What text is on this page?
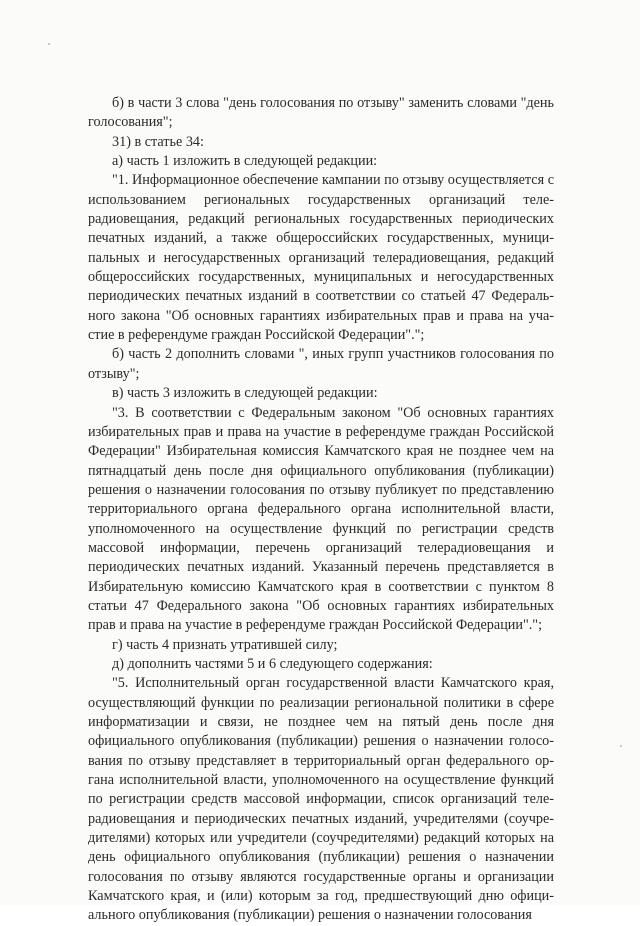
б) в части 3 слова "день голосования по отзыву" заменить словами "день голосования";

31) в статье 34:

а) часть 1 изложить в следующей редакции:

"1. Информационное обеспечение кампании по отзыву осуществляется с использованием региональных государственных организаций телерадиовещания, редакций региональных государственных периодических печатных изданий, а также общероссийских государственных, муниципальных и негосударственных организаций телерадиовещания, редакций общероссийских государственных, муниципальных и негосударственных периодических печатных изданий в соответствии со статьей 47 Федерального закона "Об основных гарантиях избирательных прав и права на участие в референдуме граждан Российской Федерации".";

б) часть 2 дополнить словами ", иных групп участников голосования по отзыву";

в) часть 3 изложить в следующей редакции:

"3. В соответствии с Федеральным законом "Об основных гарантиях избирательных прав и права на участие в референдуме граждан Российской Федерации" Избирательная комиссия Камчатского края не позднее чем на пятнадцатый день после дня официального опубликования (публикации) решения о назначении голосования по отзыву публикует по представлению территориального органа федерального органа исполнительной власти, уполномоченного на осуществление функций по регистрации средств массовой информации, перечень организаций телерадиовещания и периодических печатных изданий. Указанный перечень представляется в Избирательную комиссию Камчатского края в соответствии с пунктом 8 статьи 47 Федерального закона "Об основных гарантиях избирательных прав и права на участие в референдуме граждан Российской Федерации".";

г) часть 4 признать утратившей силу;

д) дополнить частями 5 и 6 следующего содержания:

"5. Исполнительный орган государственной власти Камчатского края, осуществляющий функции по реализации региональной политики в сфере информатизации и связи, не позднее чем на пятый день после дня официального опубликования (публикации) решения о назначении голосования по отзыву представляет в территориальный орган федерального органа исполнительной власти, уполномоченного на осуществление функций по регистрации средств массовой информации, список организаций телерадиовещания и периодических печатных изданий, учредителями (соучредителями) которых или учредители (соучредителями) редакций которых на день официального опубликования (публикации) решения о назначении голосования по отзыву являются государственные органы и организации Камчатского края, и (или) которым за год, предшествующий дню официального опубликования (публикации) решения о назначении голосования
